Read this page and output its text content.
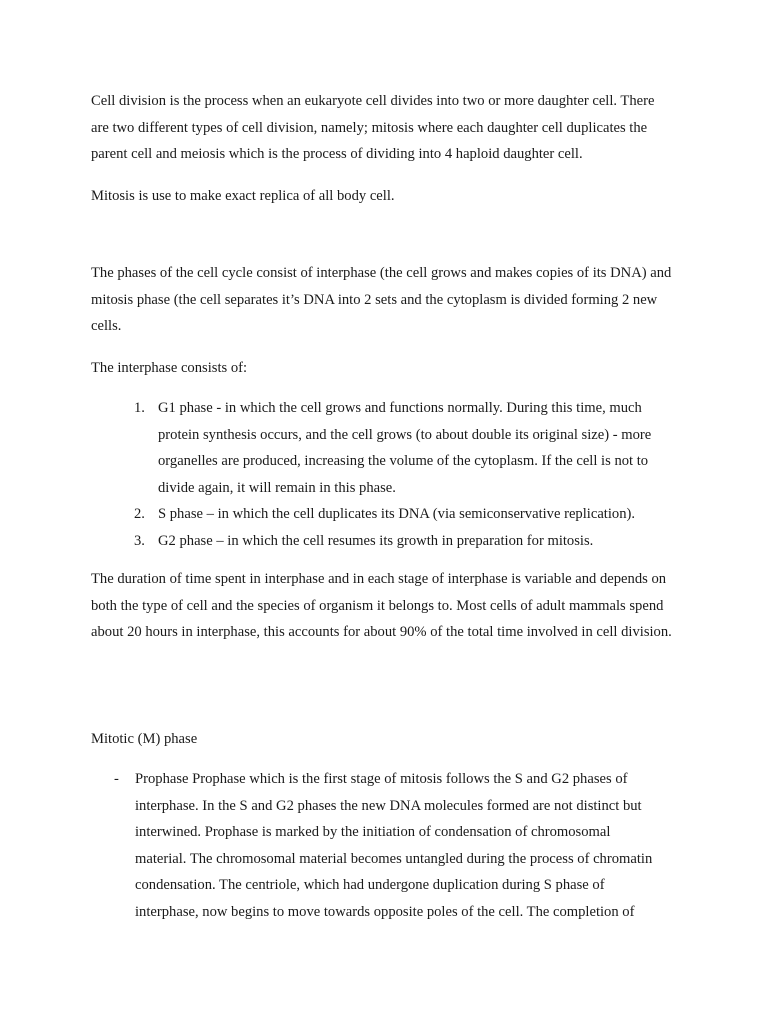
Cell division is the process when an eukaryote cell divides into two or more daughter cell. There are two different types of cell division, namely; mitosis where each daughter cell duplicates the parent cell and meiosis which is the process of dividing into 4 haploid daughter cell.

Mitosis is use to make exact replica of all body cell.

The phases of the cell cycle consist of interphase (the cell grows and makes copies of its DNA) and mitosis phase (the cell separates it’s DNA into 2 sets and the cytoplasm is divided forming 2 new cells.

The interphase consists of:

1. G1 phase - in which the cell grows and functions normally. During this time, much protein synthesis occurs, and the cell grows (to about double its original size) - more organelles are produced, increasing the volume of the cytoplasm. If the cell is not to divide again, it will remain in this phase.
2. S phase – in which the cell duplicates its DNA (via semiconservative replication).
3. G2 phase – in which the cell resumes its growth in preparation for mitosis.

The duration of time spent in interphase and in each stage of interphase is variable and depends on both the type of cell and the species of organism it belongs to. Most cells of adult mammals spend about 20 hours in interphase, this accounts for about 90% of the total time involved in cell division.

Mitotic (M) phase

- Prophase Prophase which is the first stage of mitosis follows the S and G2 phases of interphase. In the S and G2 phases the new DNA molecules formed are not distinct but interwined. Prophase is marked by the initiation of condensation of chromosomal material. The chromosomal material becomes untangled during the process of chromatin condensation. The centriole, which had undergone duplication during S phase of interphase, now begins to move towards opposite poles of the cell. The completion of
